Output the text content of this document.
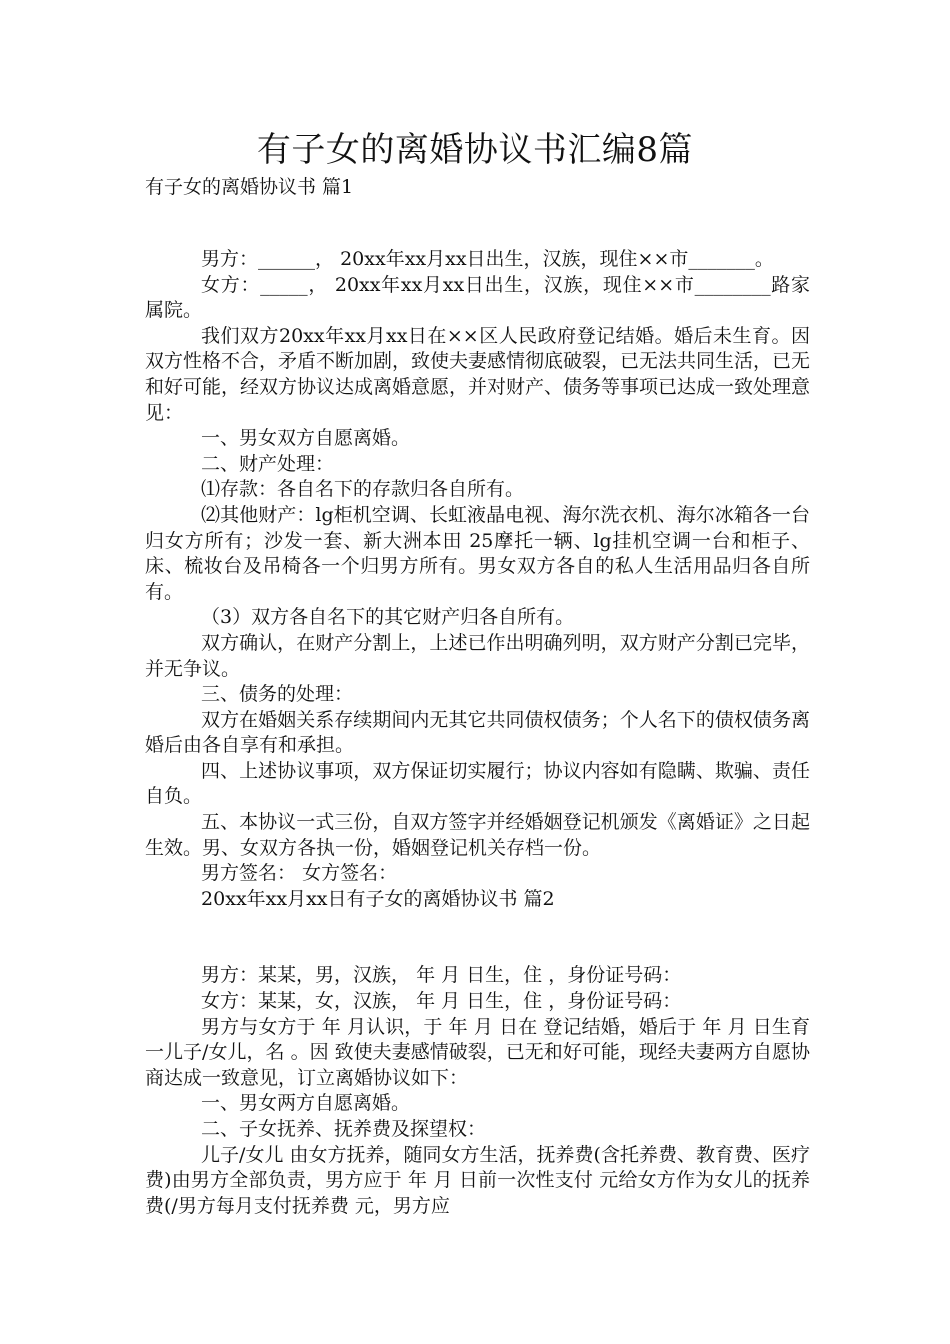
有子女的离婚协议书汇编8篇
有子女的离婚协议书 篇1

男方：______， 20xx年xx月xx日出生，汉族，现住××市_______。

女方：_____， 20xx年xx月xx日出生，汉族，现住××市________路家属院。

我们双方20xx年xx月xx日在××区人民政府登记结婚。婚后未生育。因双方性格不合，矛盾不断加剧，致使夫妻感情彻底破裂，已无法共同生活，已无和好可能，经双方协议达成离婚意愿，并对财产、债务等事项已达成一致处理意见：

一、男女双方自愿离婚。

二、财产处理：

⑴存款：各自名下的存款归各自所有。

⑵其他财产：lg柜机空调、长虹液晶电视、海尔洗衣机、海尔冰箱各一台归女方所有；沙发一套、新大洲本田 25摩托一辆、lg挂机空调一台和柜子、床、梳妆台及吊椅各一个归男方所有。男女双方各自的私人生活用品归各自所有。

（3）双方各自名下的其它财产归各自所有。

双方确认，在财产分割上，上述已作出明确列明，双方财产分割已完毕，并无争议。

三、债务的处理：

双方在婚姻关系存续期间内无其它共同债权债务；个人名下的债权债务离婚后由各自享有和承担。

四、上述协议事项，双方保证切实履行；协议内容如有隐瞒、欺骗、责任自负。

五、本协议一式三份，自双方签字并经婚姻登记机颁发《离婚证》之日起生效。男、女双方各执一份，婚姻登记机关存档一份。

男方签名： 女方签名：

20xx年xx月xx日有子女的离婚协议书 篇2

男方：某某，男，汉族， 年 月 日生，住 ，身份证号码：

女方：某某，女，汉族， 年 月 日生，住 ，身份证号码：

男方与女方于 年 月认识，于 年 月 日在 登记结婚，婚后于 年 月 日生育一儿子/女儿，名 。因 致使夫妻感情破裂，已无和好可能，现经夫妻两方自愿协商达成一致意见，订立离婚协议如下：

一、男女两方自愿离婚。

二、子女抚养、抚养费及探望权：

儿子/女儿 由女方抚养，随同女方生活，抚养费(含托养费、教育费、医疗费)由男方全部负责，男方应于 年 月 日前一次性支付 元给女方作为女儿的抚养费(/男方每月支付抚养费 元，男方应
